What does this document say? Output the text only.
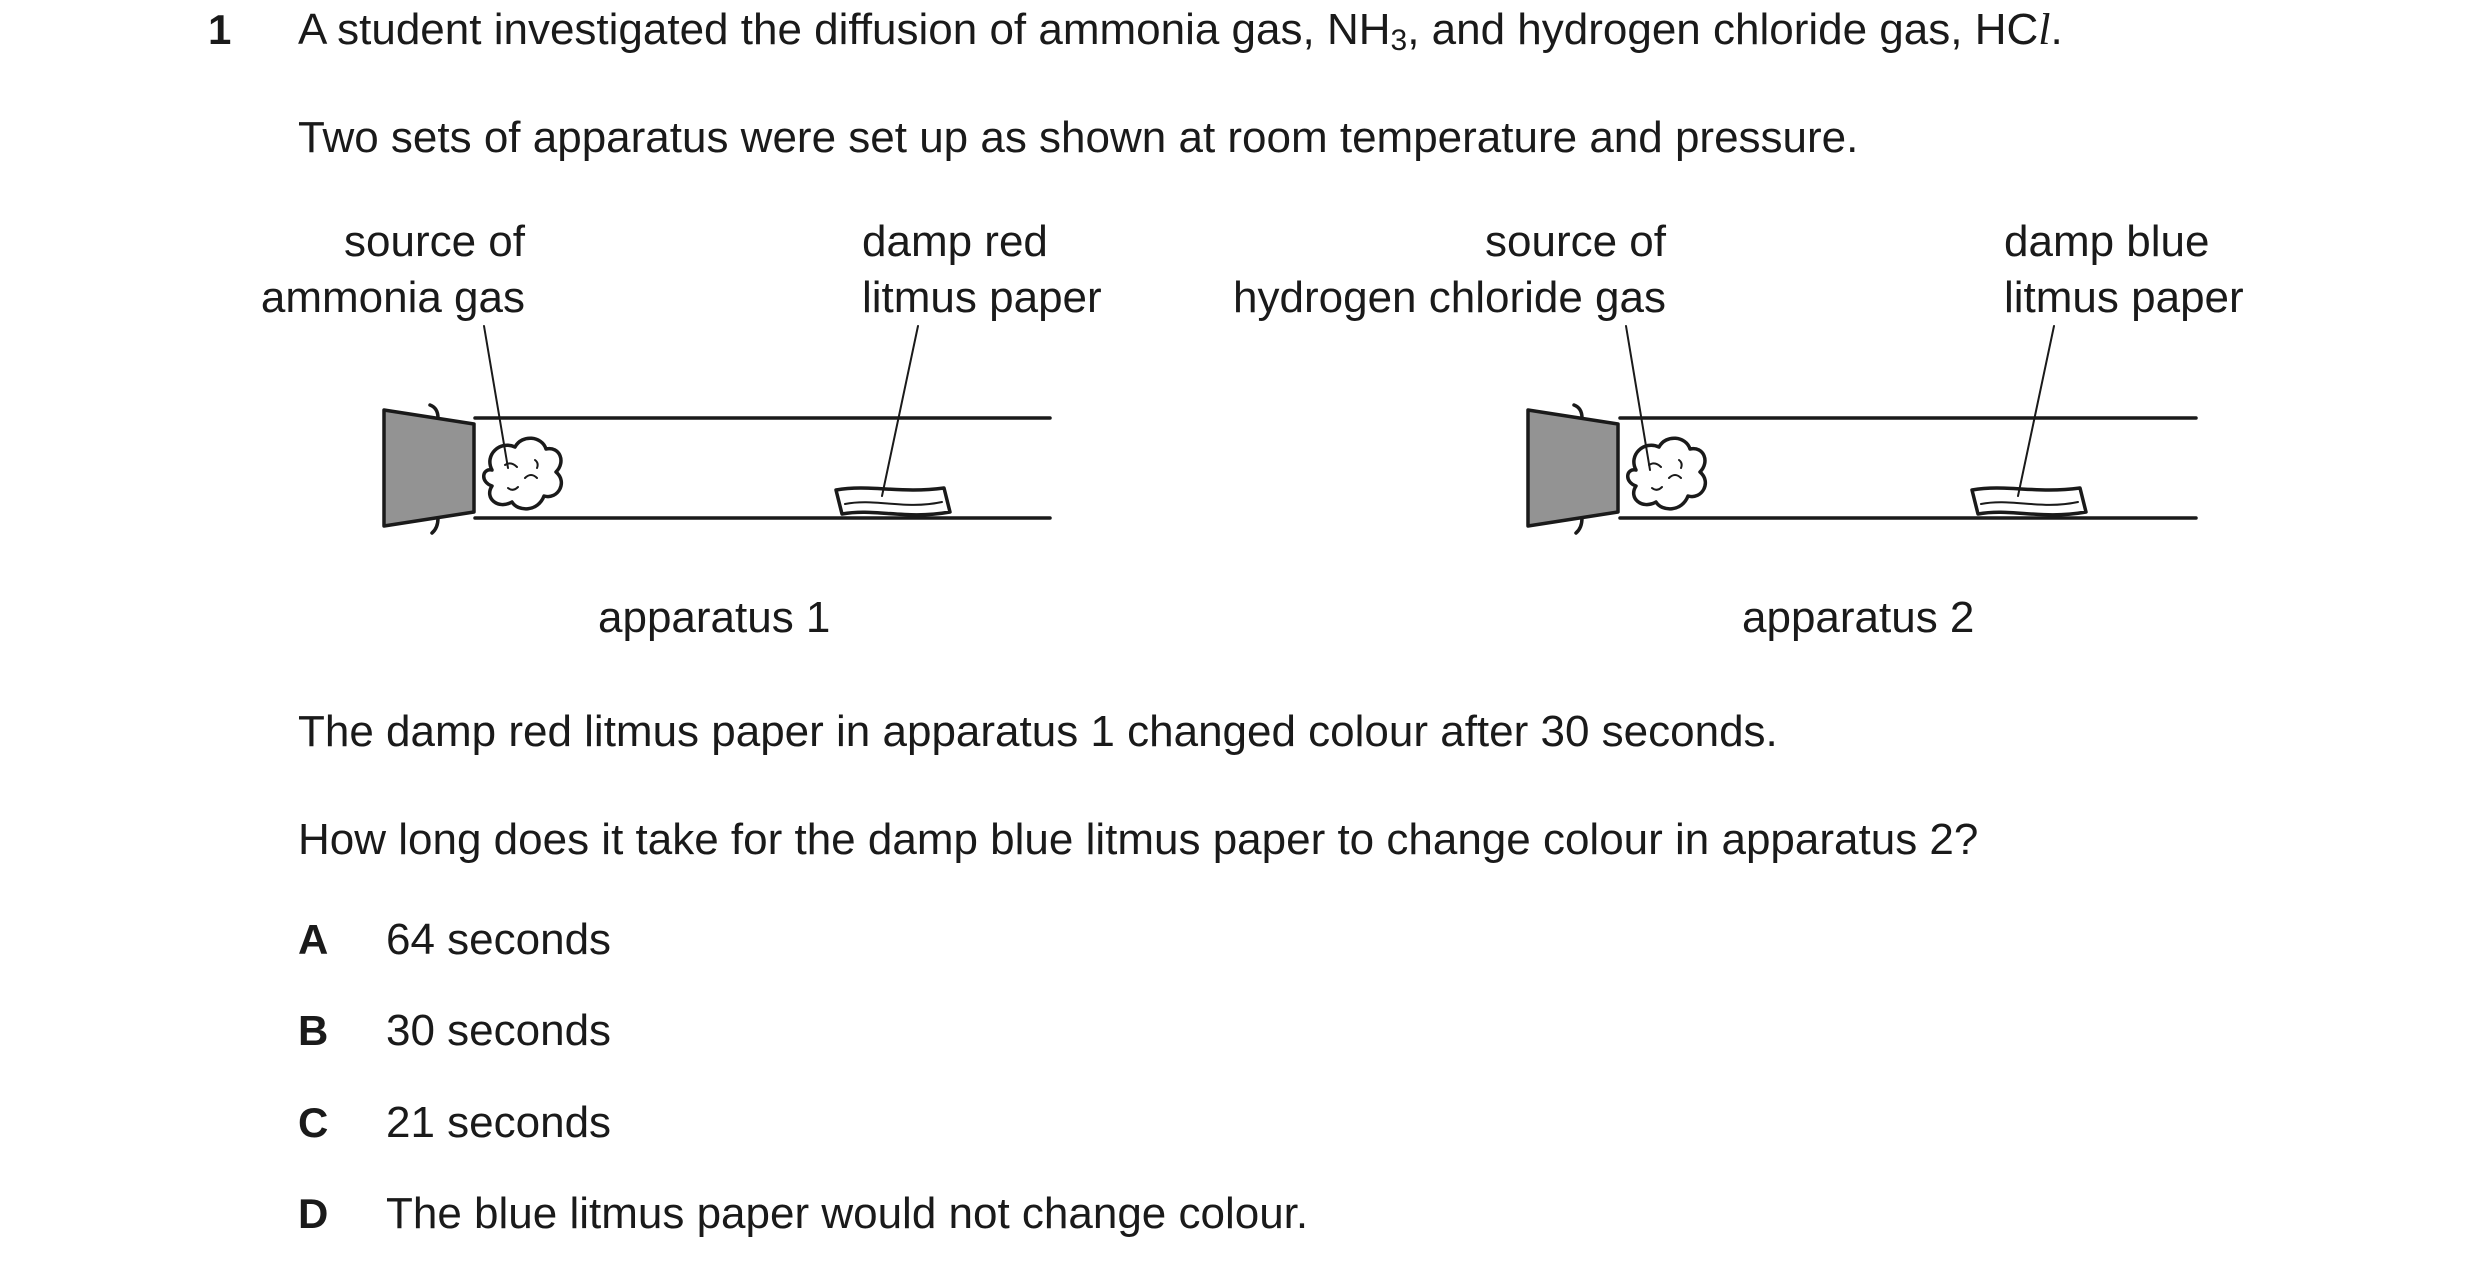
1 A student investigated the diffusion of ammonia gas, $NH_3$, and hydrogen chloride gas, HCl.
Two sets of apparatus were set up as shown at room temperature and pressure.
source of
ammonia gas
damp red
litmus paper
source of
hydrogen chloride gas
damp blue
litmus paper
apparatus 1	apparatus 2
The damp red litmus paper in apparatus 1 changed colour after 30 seconds.
How long does it take for the damp blue litmus paper to change colour in apparatus 2?
A 64 seconds
B 30 seconds
C 21 seconds
D The blue litmus paper would not change colour.
